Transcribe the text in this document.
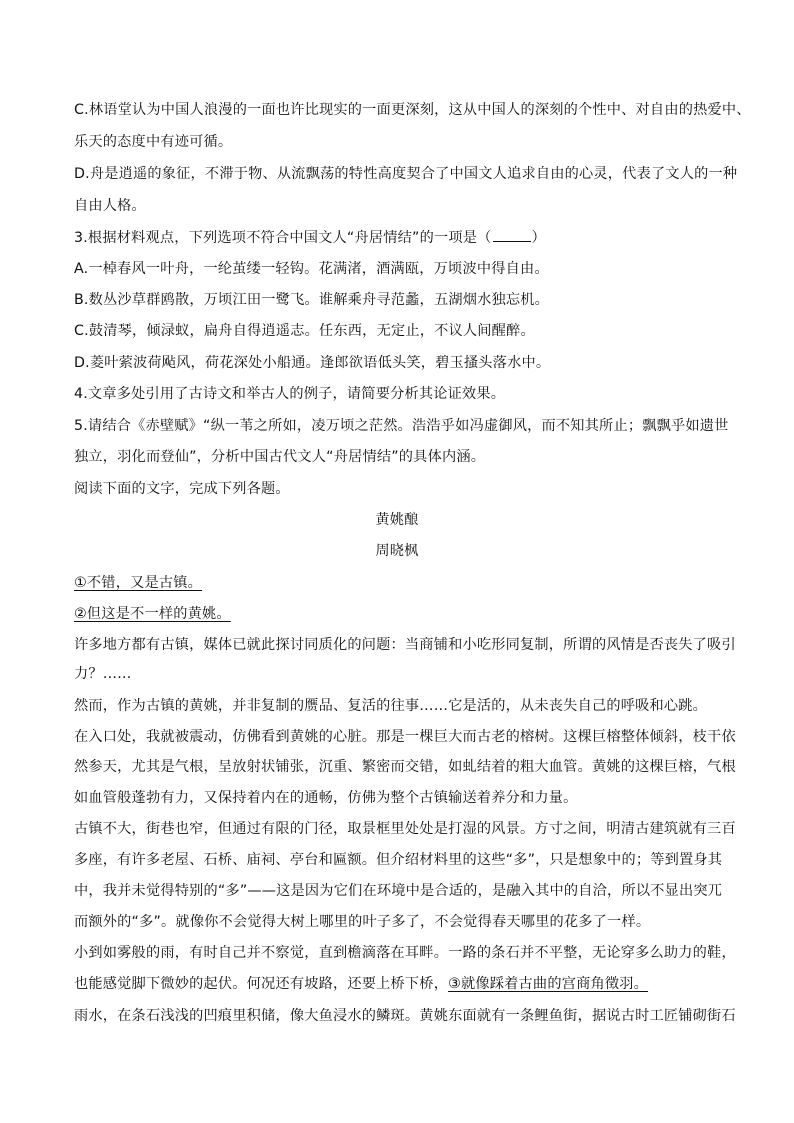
C.林语堂认为中国人浪漫的一面也许比现实的一面更深刻，这从中国人的深刻的个性中、对自由的热爱中、
乐天的态度中有迹可循。
D.舟是逍遥的象征，不滞于物、从流飘荡的特性高度契合了中国文人追求自由的心灵，代表了文人的一种
自由人格。
3.根据材料观点，下列选项不符合中国文人“舟居情结”的一项是（	）
A.一棹春风一叶舟，一纶茧缕一轻钩。花满渚，酒满瓯，万顷波中得自由。
B.数丛沙草群鸥散，万顷江田一鹭飞。谁解乘舟寻范蠡，五湖烟水独忘机。
C.鼓清琴，倾渌蚁，扁舟自得逍遥志。任东西，无定止，不议人间醒醉。
D.菱叶萦波荷飐风，荷花深处小船通。逢郎欲语低头笑，碧玉搔头落水中。
4.文章多处引用了古诗文和举古人的例子，请简要分析其论证效果。
5.请结合《赤壁赋》“纵一苇之所如，凌万顷之茫然。浩浩乎如冯虚御风，而不知其所止；飘飘乎如遗世
独立，羽化而登仙”，分析中国古代文人“舟居情结”的具体内涵。
阅读下面的文字，完成下列各题。
黄姚酿
周晓枫
①不错，又是古镇。
②但这是不一样的黄姚。
许多地方都有古镇，媒体已就此探讨同质化的问题：当商铺和小吃形同复制，所谓的风情是否丧失了吸引
力？……
然而，作为古镇的黄姚，并非复制的赝品、复活的往事……它是活的，从未丧失自己的呼吸和心跳。
在入口处，我就被震动，仿佛看到黄姚的心脏。那是一棵巨大而古老的榕树。这棵巨榕整体倾斜，枝干依
然参天，尤其是气根，呈放射状铺张，沉重、繁密而交错，如虬结着的粗大血管。黄姚的这棵巨榕，气根
如血管般蓬勃有力，又保持着内在的通畅，仿佛为整个古镇输送着养分和力量。
古镇不大，街巷也窄，但通过有限的门径，取景框里处处是打湿的风景。方寸之间，明清古建筑就有三百
多座，有许多老屋、石桥、庙祠、亭台和匾额。但介绍材料里的这些“多”，只是想象中的；等到置身其
中，我并未觉得特别的“多”——这是因为它们在环境中是合适的，是融入其中的自洽，所以不显出突兀
而额外的“多”。就像你不会觉得大树上哪里的叶子多了，不会觉得春天哪里的花多了一样。
小到如雾般的雨，有时自己并不察觉，直到檐滴落在耳畔。一路的条石并不平整，无论穿多么助力的鞋，
也能感觉脚下微妙的起伏。何况还有坡路，还要上桥下桥，③就像踩着古曲的宫商角徵羽。
雨水，在条石浅浅的凹痕里积储，像大鱼浸水的鳞斑。黄姚东面就有一条鲤鱼街，据说古时工匠铺砌街石
